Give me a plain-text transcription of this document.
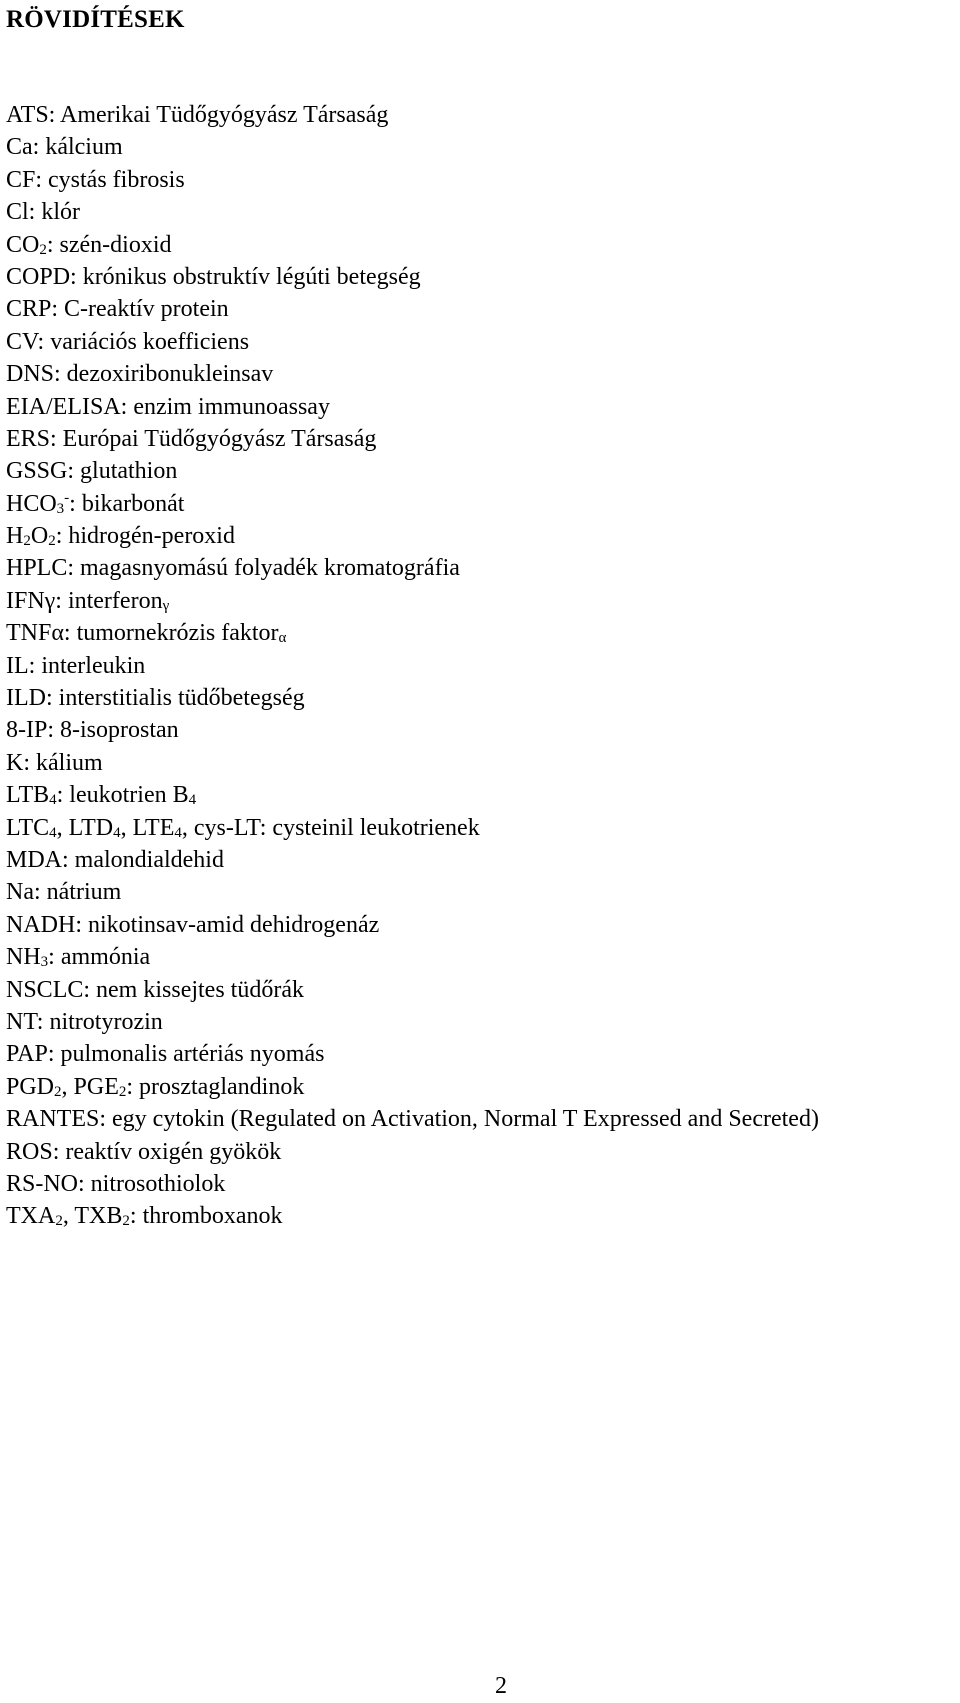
RÖVIDÍTÉSEK
ATS: Amerikai Tüdőgyógyász Társaság
Ca: kálcium
CF: cystás fibrosis
Cl: klór
$CO_2$: szén-dioxid
COPD: krónikus obstruktív légúti betegség
CRP: C-reaktív protein
CV: variációs koefficiens
DNS: dezoxiribonukleinsav
EIA/ELISA: enzim immunoassay
ERS: Európai Tüdőgyógyász Társaság
GSSG: glutathion
$HCO_3^-$: bikarbonát
$H_2O_2$: hidrogén-peroxid
HPLC: magasnyomású folyadék kromatográfia
IFNγ: interferon$_\gamma$
TNFα: tumornekrózis faktor$_\alpha$
IL: interleukin
ILD: interstitialis tüdőbetegség
8-IP: 8-isoprostan
K: kálium
$LTB_4$: leukotrien $B_4$
$LTC_4$, $LTD_4$, $LTE_4$, cys-LT: cysteinil leukotrienek
MDA: malondialdehid
Na: nátrium
NADH: nikotinsav-amid dehidrogenáz
$NH_3$: ammónia
NSCLC: nem kissejtes tüdőrák
NT: nitrotyrozin
PAP: pulmonalis artériás nyomás
$PGD_2$, $PGE_2$: prosztaglandinok
RANTES: egy cytokin (Regulated on Activation, Normal T Expressed and Secreted)
ROS: reaktív oxigén gyökök
RS-NO: nitrosothiolok
$TXA_2$, $TXB_2$: thromboxanok
2
